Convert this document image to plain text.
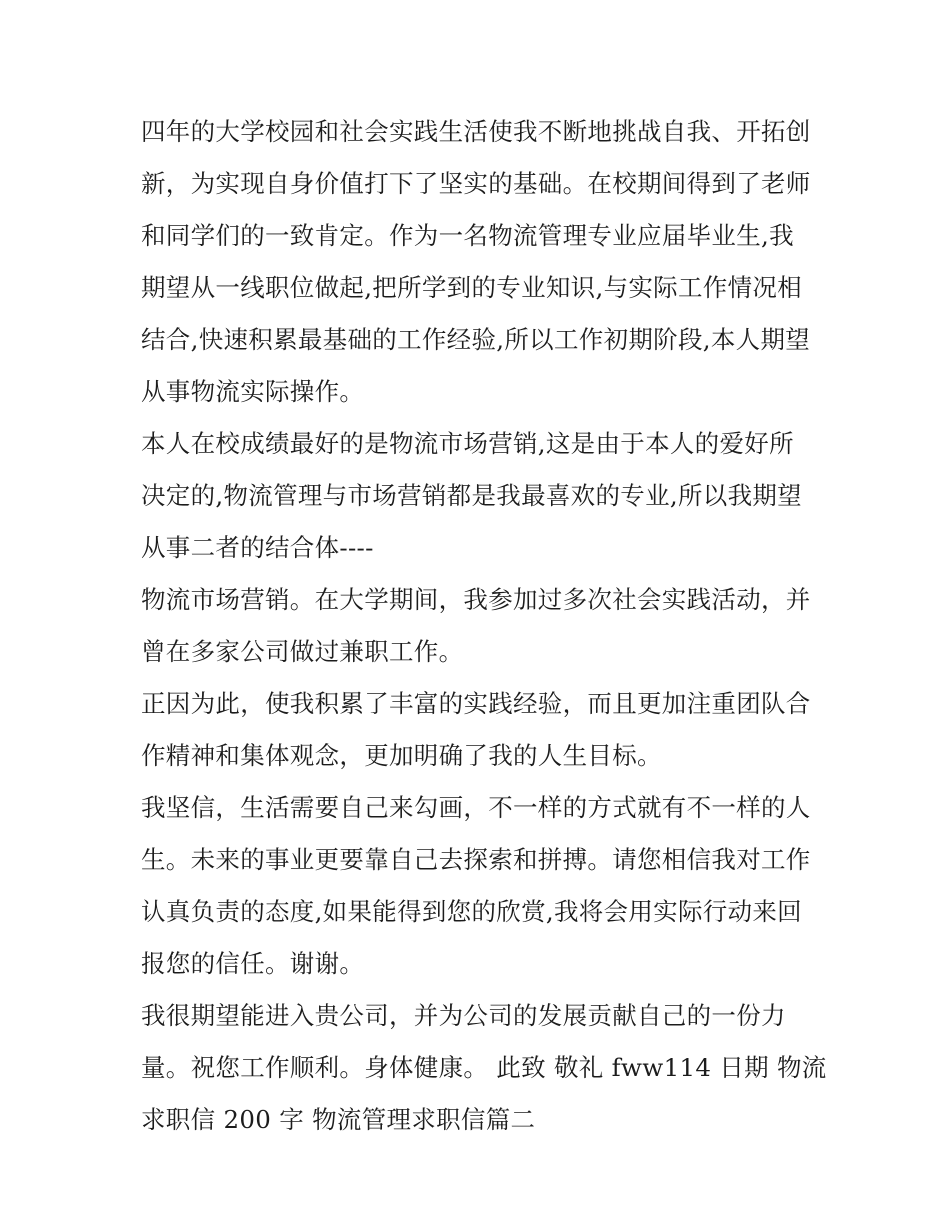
四年的大学校园和社会实践生活使我不断地挑战自我、开拓创
新，为实现自身价值打下了坚实的基础。在校期间得到了老师
和同学们的一致肯定。作为一名物流管理专业应届毕业生,我
期望从一线职位做起,把所学到的专业知识,与实际工作情况相
结合,快速积累最基础的工作经验,所以工作初期阶段,本人期望
从事物流实际操作。
本人在校成绩最好的是物流市场营销,这是由于本人的爱好所
决定的,物流管理与市场营销都是我最喜欢的专业,所以我期望
从事二者的结合体----
物流市场营销。在大学期间，我参加过多次社会实践活动，并
曾在多家公司做过兼职工作。
正因为此，使我积累了丰富的实践经验，而且更加注重团队合
作精神和集体观念，更加明确了我的人生目标。
我坚信，生活需要自己来勾画，不一样的方式就有不一样的人
生。未来的事业更要靠自己去探索和拼搏。请您相信我对工作
认真负责的态度,如果能得到您的欣赏,我将会用实际行动来回
报您的信任。谢谢。
我很期望能进入贵公司，并为公司的发展贡献自己的一份力
量。祝您工作顺利。身体健康。 此致 敬礼 fww114 日期 物流
求职信 200 字 物流管理求职信篇二
